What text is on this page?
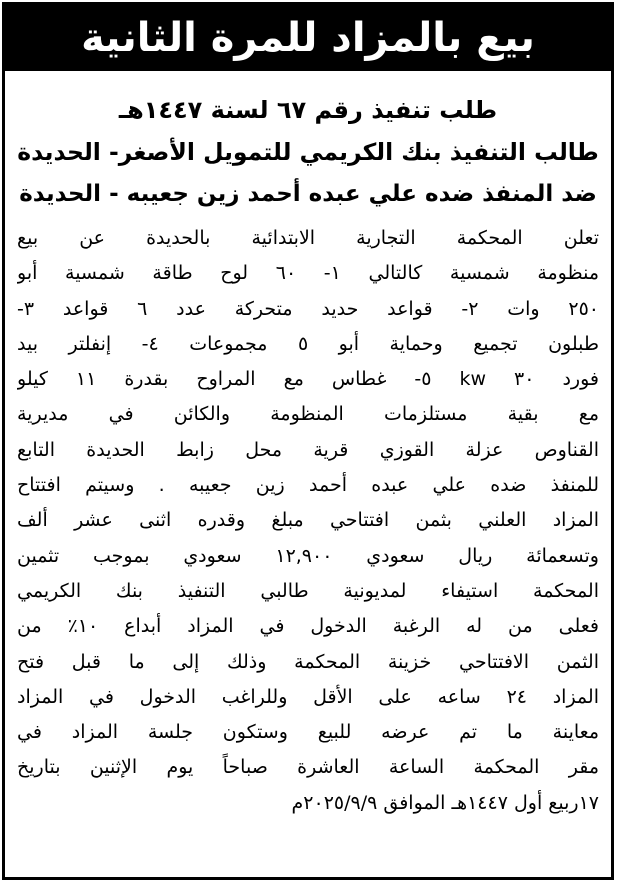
بيع بالمزاد للمرة الثانية
طلب تنفيذ رقم ٦٧ لسنة ١٤٤٧هـ
طالب التنفيذ بنك الكريمي للتمويل الأصغر- الحديدة
ضد المنفذ ضده علي عبده أحمد زين جعيبه - الحديدة
تعلن المحكمة التجارية الابتدائية بالحديدة عن بيع
منظومة شمسية كالتالي ١- ٦٠ لوح طاقة شمسية أبو
٢٥٠ وات ٢- قواعد حديد متحركة عدد ٦ قواعد ٣-
طبلون تجميع وحماية أبو ٥ مجموعات ٤- إنفلتر بيد
فورد ٣٠ kw ٥- غطاس مع المراوح بقدرة ١١ كيلو
مع بقية مستلزمات المنظومة والكائن في مديرية
القناوص عزلة القوزي قرية محل زابط الحديدة التابع
للمنفذ ضده علي عبده أحمد زين جعيبه . وسيتم افتتاح
المزاد العلني بثمن افتتاحي مبلغ وقدره اثنى عشر ألف
وتسعمائة ريال سعودي ١٢,٩٠٠ سعودي بموجب تثمين
المحكمة استيفاء لمديونية طالبي التنفيذ بنك الكريمي
فعلى من له الرغبة الدخول في المزاد أبداع ١٠٪ من
الثمن الافتتاحي خزينة المحكمة وذلك إلى ما قبل فتح
المزاد ٢٤ ساعه على الأقل وللراغب الدخول في المزاد
معاينة ما تم عرضه للبيع وستكون جلسة المزاد في
مقر المحكمة الساعة العاشرة صباحاً يوم الإثنين بتاريخ
١٧ربيع أول ١٤٤٧هـ الموافق ٢٠٢٥/٩/٩م
